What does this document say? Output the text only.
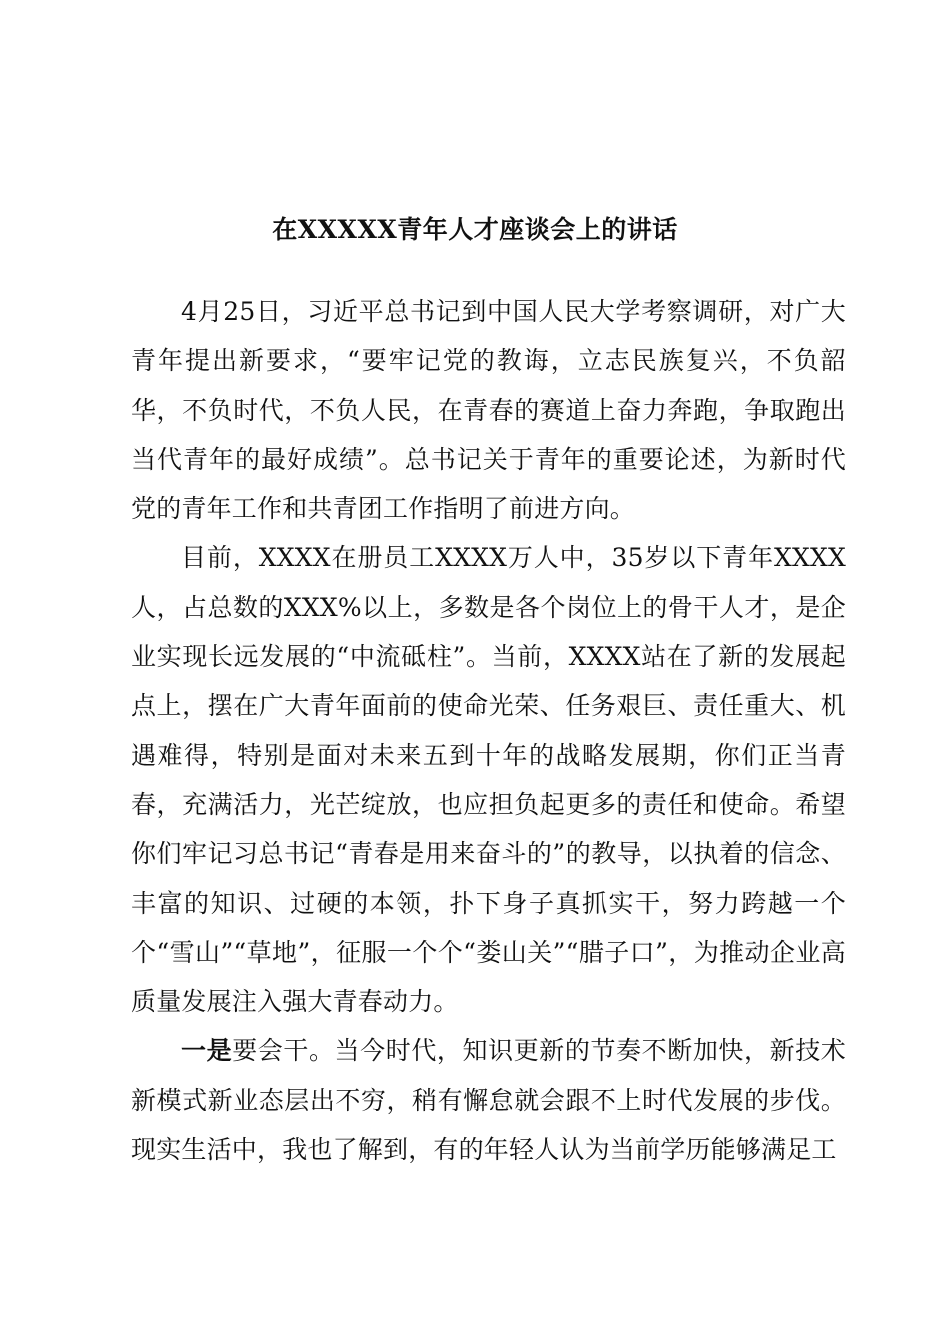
在XXXXX青年人才座谈会上的讲话

4月25日，习近平总书记到中国人民大学考察调研，对广大青年提出新要求，“要牢记党的教诲，立志民族复兴，不负韶华，不负时代，不负人民，在青春的赛道上奋力奔跑，争取跑出当代青年的最好成绩”。总书记关于青年的重要论述，为新时代党的青年工作和共青团工作指明了前进方向。

目前，XXXX在册员工XXXX万人中，35岁以下青年XXXX人，占总数的XXX%以上，多数是各个岗位上的骨干人才，是企业实现长远发展的“中流砥柱”。当前，XXXX站在了新的发展起点上，摆在广大青年面前的使命光荣、任务艰巨、责任重大、机遇难得，特别是面对未来五到十年的战略发展期，你们正当青春，充满活力，光芒绽放，也应担负起更多的责任和使命。希望你们牢记习总书记“青春是用来奋斗的”的教导，以执着的信念、丰富的知识、过硬的本领，扑下身子真抓实干，努力跨越一个个“雪山”“草地”，征服一个个“娄山关”“腊子口”，为推动企业高质量发展注入强大青春动力。

一是要会干。当今时代，知识更新的节奏不断加快，新技术新模式新业态层出不穷，稍有懈怠就会跟不上时代发展的步伐。现实生活中，我也了解到，有的年轻人认为当前学历能够满足工
